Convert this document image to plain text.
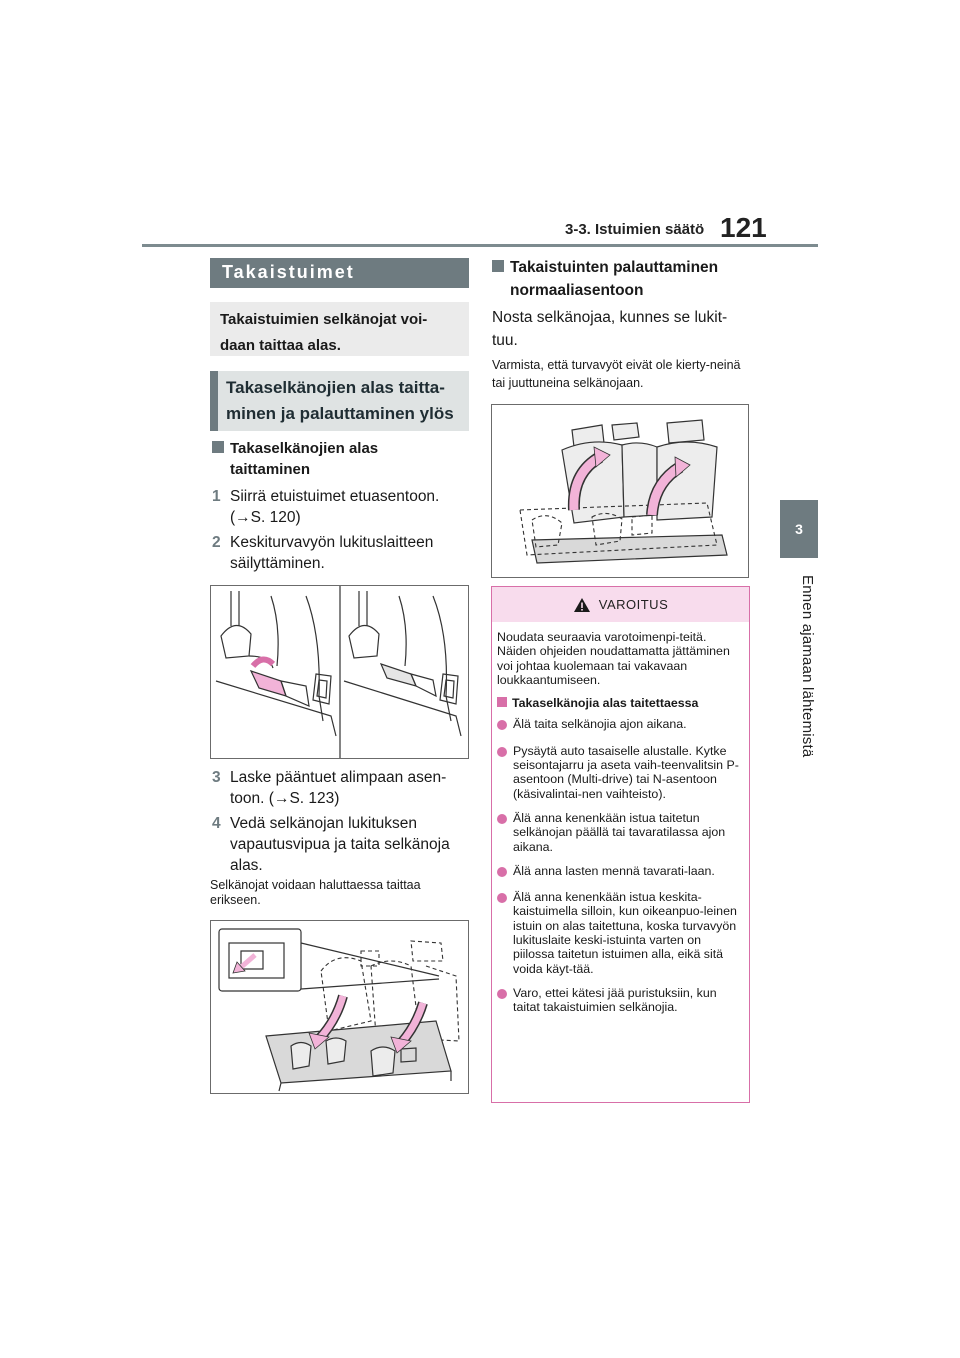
3-3. Istuimien säätö 121
3
Ennen ajamaan lähtemistä
Takaistuimet
Takaistuimien selkänojat voi-daan taittaa alas.
Takaselkänojien alas taitta-minen ja palauttaminen ylös
Takaselkänojien alas taittaminen
1 Siirrä etuistuimet etuasentoon.
(→S. 120)
2 Keskiturvavyön lukituslaitteen
säilyttäminen.
3 Laske pääntuet alimpaan asen-
toon. (→S. 123)
4 Vedä selkänojan lukituksen
vapautusvipua ja taita selkänoja
alas.
Selkänojat voidaan haluttaessa taittaa erikseen.
Takaistuinten palauttaminen
normaaliasentoon
Nosta selkänojaa, kunnes se lukit-
tuu.
Varmista, että turvavyöt eivät ole kierty-neinä tai juuttuneina selkänojaan.
VAROITUS
Noudata seuraavia varotoimenpi-teitä. Näiden ohjeiden noudattamatta jättäminen voi johtaa kuolemaan tai vakavaan loukkaantumiseen.
Takaselkänojia alas taitettaessa
Älä taita selkänojia ajon aikana.
Pysäytä auto tasaiselle alustalle. Kytke seisontajarru ja aseta vaih-teenvalitsin P-asentoon (Multi-drive) tai N-asentoon (käsivalintai-nen vaihteisto).
Älä anna kenenkään istua taitetun selkänojan päällä tai tavaratilassa ajon aikana.
Älä anna lasten mennä tavarati-laan.
Älä anna kenenkään istua keskita-kaistuimella silloin, kun oikeanpuo-leinen istuin on alas taitettuna, koska turvavyön lukituslaite keski-istuinta varten on piilossa taitetun istuimen alla, eikä sitä voida käyt-tää.
Varo, ettei kätesi jää puristuksiin, kun taitat takaistuimien selkänojia.
